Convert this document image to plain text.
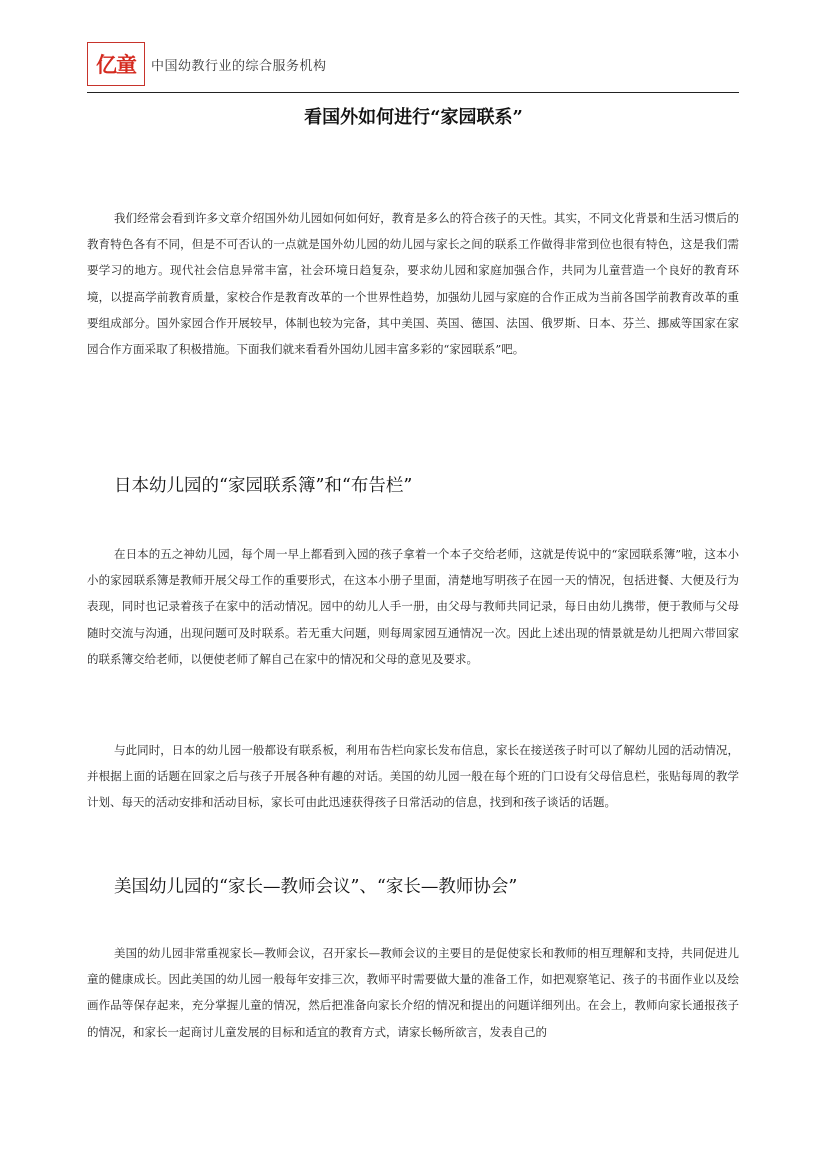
亿童 中国幼教行业的综合服务机构
看国外如何进行“家园联系”
我们经常会看到许多文章介绍国外幼儿园如何如何好，教育是多么的符合孩子的天性。其实，不同文化背景和生活习惯后的教育特色各有不同，但是不可否认的一点就是国外幼儿园的幼儿园与家长之间的联系工作做得非常到位也很有特色，这是我们需要学习的地方。现代社会信息异常丰富，社会环境日趋复杂，要求幼儿园和家庭加强合作，共同为儿童营造一个良好的教育环境，以提高学前教育质量，家校合作是教育改革的一个世界性趋势，加强幼儿园与家庭的合作正成为当前各国学前教育改革的重要组成部分。国外家园合作开展较早，体制也较为完备，其中美国、英国、德国、法国、俄罗斯、日本、芬兰、挪威等国家在家园合作方面采取了积极措施。下面我们就来看看外国幼儿园丰富多彩的“家园联系”吧。
日本幼儿园的“家园联系簿”和“布告栏”
在日本的五之神幼儿园，每个周一早上都看到入园的孩子拿着一个本子交给老师，这就是传说中的“家园联系簿”啦，这本小小的家园联系簿是教师开展父母工作的重要形式，在这本小册子里面，清楚地写明孩子在园一天的情况，包括进餐、大便及行为表现，同时也记录着孩子在家中的活动情况。园中的幼儿人手一册，由父母与教师共同记录，每日由幼儿携带，便于教师与父母随时交流与沟通，出现问题可及时联系。若无重大问题，则每周家园互通情况一次。因此上述出现的情景就是幼儿把周六带回家的联系簿交给老师，以便使老师了解自己在家中的情况和父母的意见及要求。
与此同时，日本的幼儿园一般都设有联系板，利用布告栏向家长发布信息，家长在接送孩子时可以了解幼儿园的活动情况，并根据上面的话题在回家之后与孩子开展各种有趣的对话。美国的幼儿园一般在每个班的门口设有父母信息栏，张贴每周的教学计划、每天的活动安排和活动目标，家长可由此迅速获得孩子日常活动的信息，找到和孩子谈话的话题。
美国幼儿园的“家长—教师会议”、“家长—教师协会”
美国的幼儿园非常重视家长—教师会议，召开家长—教师会议的主要目的是促使家长和教师的相互理解和支持，共同促进儿童的健康成长。因此美国的幼儿园一般每年安排三次，教师平时需要做大量的准备工作，如把观察笔记、孩子的书面作业以及绘画作品等保存起来，充分掌握儿童的情况，然后把准备向家长介绍的情况和提出的问题详细列出。在会上，教师向家长通报孩子的情况，和家长一起商讨儿童发展的目标和适宜的教育方式，请家长畅所欲言，发表自己的
